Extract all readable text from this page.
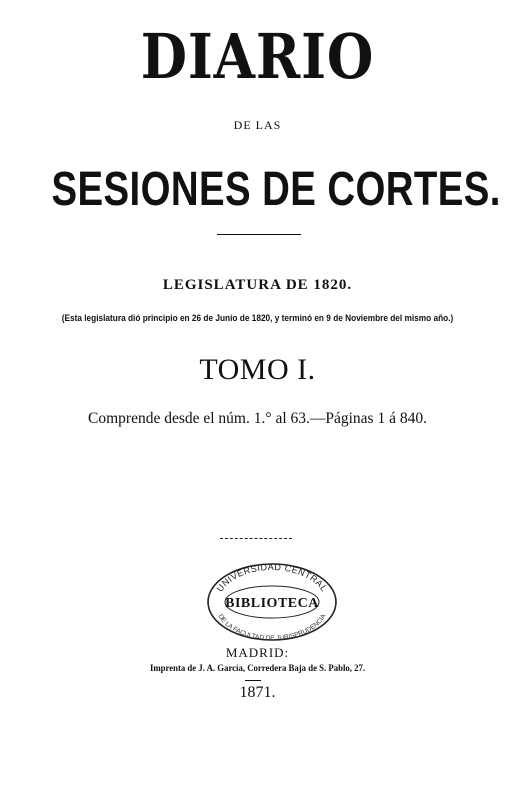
DIARIO
DE LAS
SESIONES DE CORTES.
LEGISLATURA DE 1820.
(Esta legislatura dió principio en 26 de Junio de 1820, y terminó en 9 de Noviembre del mismo año.)
TOMO I.
Comprende desde el núm. 1.° al 63.—Páginas 1 á 840.
UNIVERSIDAD CENTRAL
BIBLIOTECA
DE LA FACULTAD DE JURISPRUDENCIA
MADRID:
Imprenta de J. A. García, Corredera Baja de S. Pablo, 27.
1871.
